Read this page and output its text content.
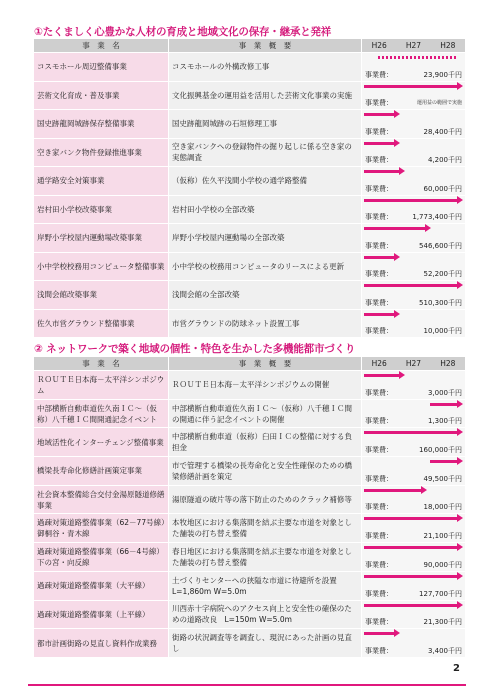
①たくましく心豊かな人材の育成と地域文化の保存・継承と発祥
事　業　名	事　業　概　要	H26 H27 H28

コスモホール周辺整備事業	コスモホールの外構改修工事	事業費： 23,900千円

芸術文化育成・普及事業	文化振興基金の運用益を活用した芸術文化事業の実施	事業費： 運用益の範囲で実施

国史跡龍岡城跡保存整備事業	国史跡龍岡城跡の石垣修理工事	事業費： 28,400千円

空き家バンク物件登録推進事業	空き家バンクへの登録物件の掘り起しに係る空き家の実態調査	事業費： 4,200千円

通学路安全対策事業	（仮称）佐久平浅間小学校の通学路整備	事業費： 60,000千円

岩村田小学校改築事業	岩村田小学校の全部改築	事業費： 1,773,400千円

岸野小学校屋内運動場改築事業	岸野小学校屋内運動場の全部改築	事業費： 546,600千円

小中学校校務用コンピュータ整備事業	小中学校の校務用コンピュータのリースによる更新	事業費： 52,200千円

浅間会館改築事業	浅間会館の全部改築	事業費： 510,300千円

佐久市営グラウンド整備事業	市営グラウンドの防球ネット設置工事	事業費： 10,000千円
② ネットワークで築く地域の個性・特色を生かした多機能都市づくり
事　業　名	事　業　概　要	H26 H27 H28

ＲＯＵＴＥ日本海－太平洋シンポジウム	ＲＯＵＴＥ日本海－太平洋シンポジウムの開催	事業費： 3,000千円

中部横断自動車道佐久南ＩＣ～（仮称）八千穂ＩＣ間開通記念イベント	中部横断自動車道佐久南ＩＣ～（仮称）八千穂ＩＣ間の開通に伴う記念イベントの開催	事業費： 1,300千円

地域活性化インターチェンジ整備事業	中部横断自動車道（仮称）臼田ＩＣの整備に対する負担金	事業費： 160,000千円

橋梁長寿命化修繕計画策定事業	市で管理する橋梁の長寿命化と安全性確保のための橋梁修繕計画を策定	事業費： 49,500千円

社会資本整備総合交付金湯原隧道修繕事業	湯原隧道の破片等の落下防止のためのクラック補修等	事業費： 18,000千円

過疎対策道路整備事業（62－77号線）御桐谷・青木線	本牧地区における集落間を結ぶ主要な市道を対象とした舗装の打ち替え整備	事業費： 21,100千円

過疎対策道路整備事業（66－4号線）下の宮・向反線	春日地区における集落間を結ぶ主要な市道を対象とした舗装の打ち替え整備	事業費： 90,000千円

過疎対策道路整備事業（大平線）	土づくりセンターへの狭隘な市道に待避所を設置　L=1,860m W=5.0m	事業費： 127,700千円

過疎対策道路整備事業（上平線）	川西赤十字病院へのアクセス向上と安全性の確保のための道路改良　L=150m W=5.0m	事業費： 21,300千円

都市計画街路の見直し資料作成業務	街路の状況調査等を調査し、現況にあった計画の見直し	事業費： 3,400千円
2
